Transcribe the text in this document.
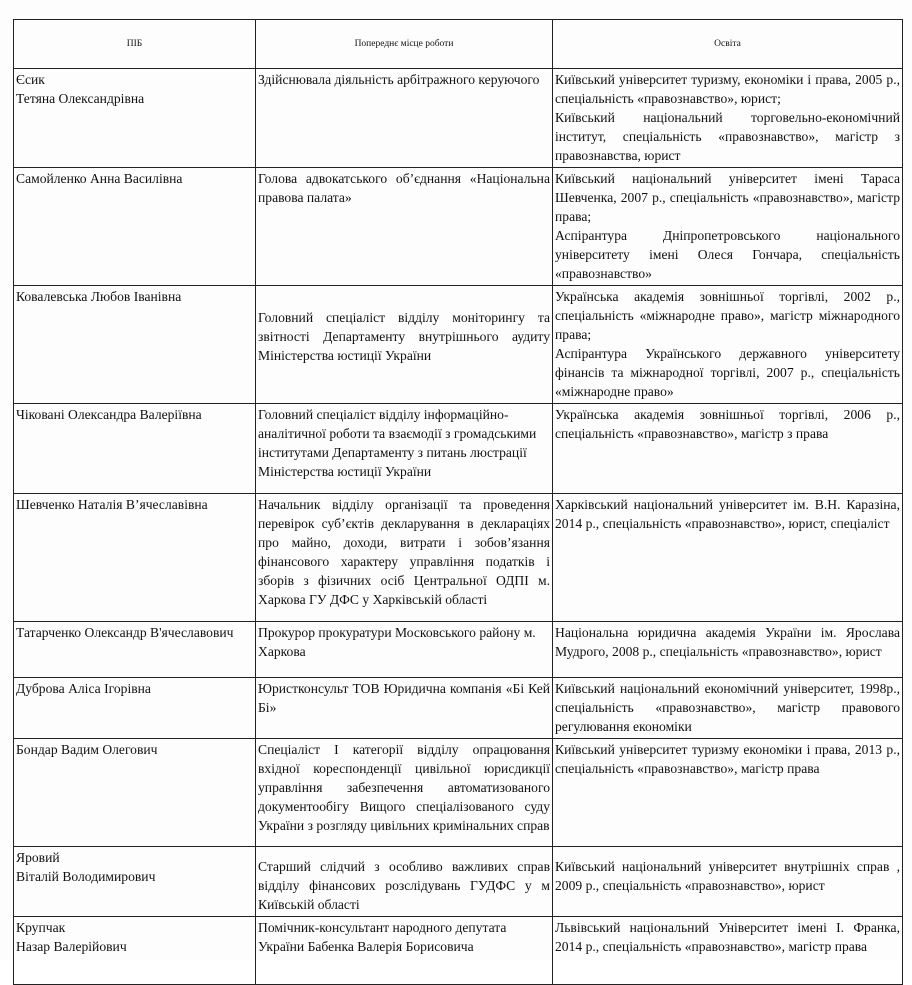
ПІБ	Попереднє місце роботи	Освіта

Єсик
Тетяна Олександрівна	Здійснювала діяльність арбітражного керуючого	Київський університет туризму, економіки і права, 2005 р., спеціальність «правознавство», юрист;
Київський національний торговельно-економічний інститут, спеціальність «правознавство», магістр з правознавства, юрист

Самойленко Анна Василівна	Голова адвокатського об’єднання «Національна правова палата»	Київський національний університет імені Тараса Шевченка, 2007 р., спеціальність «правознавство», магістр права;
Аспірантура Дніпропетровського національного університету імені Олеся Гончара, спеціальність «правознавство»

Ковалевська Любов Іванівна	Головний спеціаліст відділу моніторингу та звітності Департаменту внутрішнього аудиту Міністерства юстиції України	Українська академія зовнішньої торгівлі, 2002 р., спеціальність «міжнародне право», магістр міжнародного права;
Аспірантура Українського державного університету фінансів та міжнародної торгівлі, 2007 р., спеціальність «міжнародне право»

Чіковані Олександра Валеріївна	Головний спеціаліст відділу інформаційно-аналітичної роботи та взаємодії з громадськими інститутами Департаменту з питань люстрації Міністерства юстиції України	Українська академія зовнішньої торгівлі, 2006 р., спеціальність «правознавство», магістр з права

Шевченко Наталія В’ячеславівна	Начальник відділу організації та проведення перевірок суб’єктів декларування в деклараціях про майно, доходи, витрати і зобов’язання фінансового характеру управління податків і зборів з фізичних осіб Центральної ОДПІ м. Харкова ГУ ДФС у Харківській області	Харківський національний університет ім. В.Н. Каразіна, 2014 р., спеціальність «правознавство», юрист, спеціаліст

Татарченко Олександр В'ячеславович	Прокурор прокуратури Московського району м. Харкова	Національна юридична академія України ім. Ярослава Мудрого, 2008 р., спеціальність «правознавство», юрист

Дуброва Аліса Ігорівна	Юристконсульт ТОВ Юридична компанія «Бі Кей Бі»	Київський національний економічний університет, 1998р., спеціальність «правознавство», магістр правового регулювання економіки

Бондар Вадим Олегович	Спеціаліст І категорії відділу опрацювання вхідної кореспонденції цивільної юрисдикції управління забезпечення автоматизованого документообігу Вищого спеціалізованого суду України з розгляду цивільних кримінальних справ	Київський університет туризму економіки і права, 2013 р., спеціальність «правознавство», магістр права

Яровий
Віталій Володимирович	Старший слідчий з особливо важливих справ відділу фінансових розслідувань ГУДФС у м Київській області	Київський національний університет внутрішніх справ , 2009 р., спеціальність «правознавство», юрист

Крупчак
Назар Валерійович	Помічник-консультант народного депутата України Бабенка Валерія Борисовича	Львівський національний Університет імені І. Франка, 2014 р., спеціальність «правознавство», магістр права
